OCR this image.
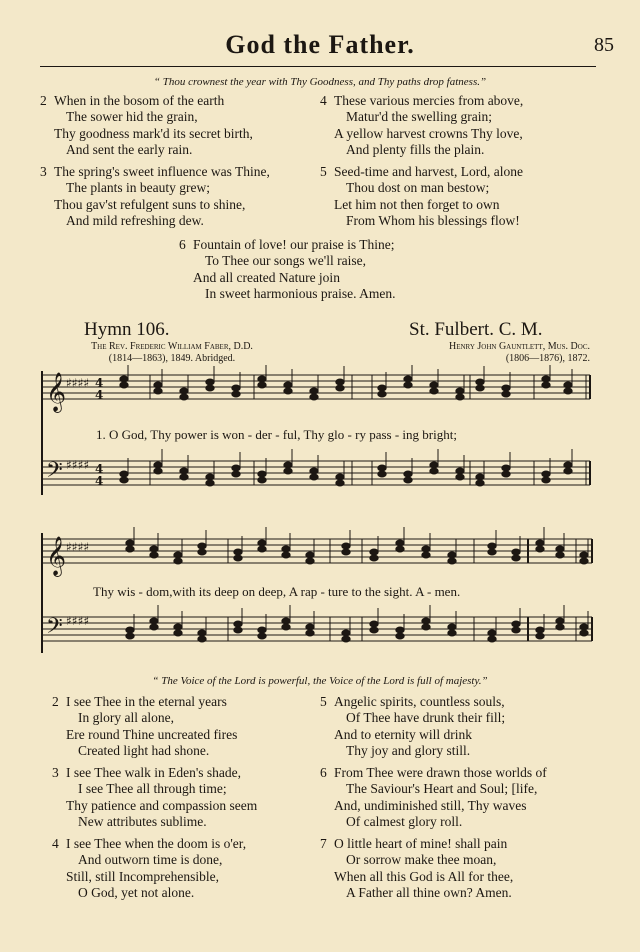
God the Father.	85
“ Thou crownest the year with Thy Goodness, and Thy paths drop fatness.”
2 When in the bosom of the earth
The sower hid the grain,
Thy goodness mark'd its secret birth,
And sent the early rain.
3 The spring's sweet influence was Thine,
The plants in beauty grew;
Thou gav'st refulgent suns to shine,
And mild refreshing dew.
4 These various mercies from above,
Matur'd the swelling grain;
A yellow harvest crowns Thy love,
And plenty fills the plain.
5 Seed-time and harvest, Lord, alone
Thou dost on man bestow;
Let him not then forget to own
From Whom his blessings flow!
6 Fountain of love! our praise is Thine;
To Thee our songs we'll raise,
And all created Nature join
In sweet harmonious praise. Amen.
Hymn 106.	St. Fulbert. C. M.
The Rev. Frederic William Faber, D.D.
(1814—1863), 1849. Abridged.
Henry John Gauntlett, Mus. Doc.
(1806—1876), 1872.
𝄞
𝄢
♯♯♯♯
♯♯♯♯
4
4
4
4
1. O God, Thy power is won - der - ful, Thy glo - ry pass - ing bright;
𝄞
𝄢
♯♯♯♯
♯♯♯♯
Thy wis - dom,with its deep on deep, A rap - ture to the sight. A - men.
“ The Voice of the Lord is powerful, the Voice of the Lord is full of majesty.”
2 I see Thee in the eternal years
In glory all alone,
Ere round Thine uncreated fires
Created light had shone.
3 I see Thee walk in Eden's shade,
I see Thee all through time;
Thy patience and compassion seem
New attributes sublime.
4 I see Thee when the doom is o'er,
And outworn time is done,
Still, still Incomprehensible,
O God, yet not alone.
5 Angelic spirits, countless souls,
Of Thee have drunk their fill;
And to eternity will drink
Thy joy and glory still.
6 From Thee were drawn those worlds of
The Saviour's Heart and Soul; [life,
And, undiminished still, Thy waves
Of calmest glory roll.
7 O little heart of mine! shall pain
Or sorrow make thee moan,
When all this God is All for thee,
A Father all thine own? Amen.
